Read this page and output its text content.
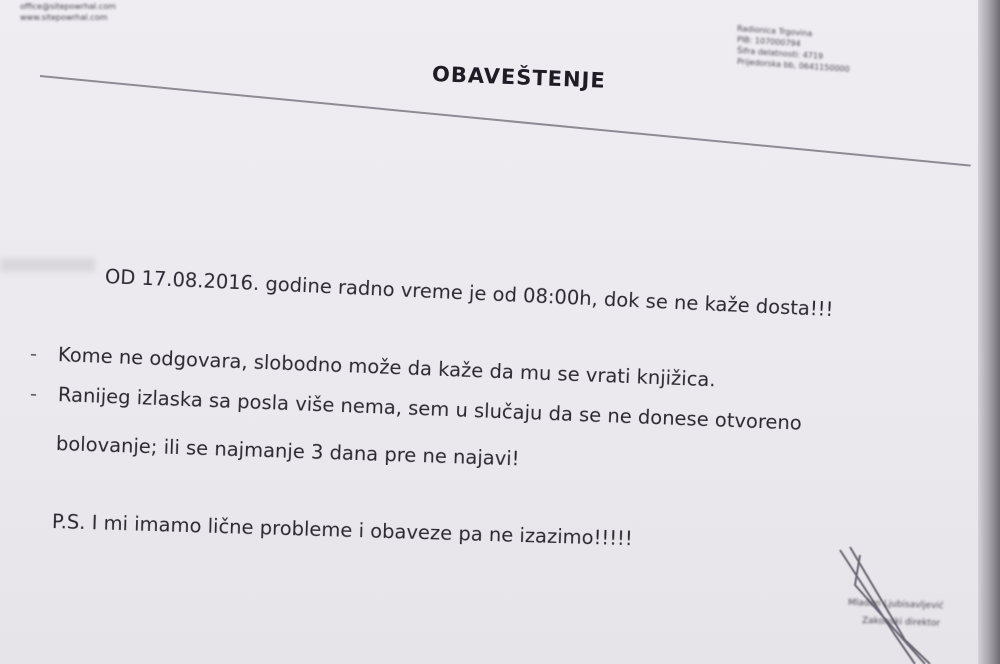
office@sitepowrhal.com
www.sitepowrhal.com
Radionica Trgovina
PIB: 107000794
Šifra delatnosti: 4719
Prijedorska bb, 0641150000
OBAVEŠTENJE
OD 17.08.2016. godine radno vreme je od 08:00h, dok se ne kaže dosta!!!
- Kome ne odgovara, slobodno može da kaže da mu se vrati knjižica.
- Ranijeg izlaska sa posla više nema, sem u slučaju da se ne donese otvoreno
bolovanje; ili se najmanje 3 dana pre ne najavi!
P.S. I mi imamo lične probleme i obaveze pa ne izazimo!!!!!
Mladen Ljubisavljević
Zakonski direktor
